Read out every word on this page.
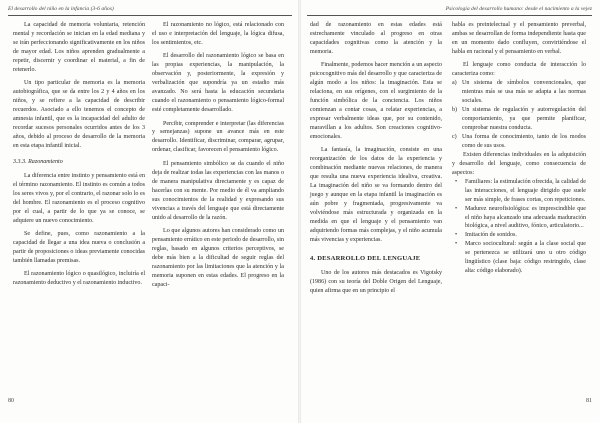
El desarrollo del niño en la infancia (3-6 años)

La capacidad de memoria voluntaria, retención mental y recordación se inician en la edad mediana y se irán perfeccionando significativamente en los niños de mayor edad. Los niños aprenden gradualmente a repetir, discernir y coordinar el material, a fin de retenerlo.

Un tipo particular de memoria es la memoria autobiográfica, que se da entre los 2 y 4 años en los niños, y se refiere a la capacidad de describir recuerdos. Asociado a ello tenemos el concepto de amnesia infantil, que es la incapacidad del adulto de recordar sucesos personales ocurridos antes de los 3 años, debido al proceso de desarrollo de la memoria en esta etapa infantil inicial.

3.3.3. Razonamiento

La diferencia entre instinto y pensamiento está en el término razonamiento. El instinto es común a todos los seres vivos y, por el contrario, el razonar solo lo es del hombre. El razonamiento es el proceso cognitivo por el cual, a partir de lo que ya se conoce, se adquiere un nuevo conocimiento.

Se define, pues, como razonamiento a la capacidad de llegar a una idea nueva o conclusión a partir de proposiciones o ideas previamente conocidas también llamadas premisas.

El razonamiento lógico o quasilógico, incluiría el razonamiento deductivo y el razonamiento inductivo.

El razonamiento no lógico, está relacionado con el uso e interpretación del lenguaje, la lógica difusa, los sentimientos, etc.

El desarrollo del razonamiento lógico se basa en las propias experiencias, la manipulación, la observación y, posteriormente, la expresión y verbalización que supondría ya un estadio más avanzado. No será hasta la educación secundaria cuando el razonamiento o pensamiento lógico-formal esté completamente desarrollado.

Percibir, comprender e interpretar (las diferencias y semejanzas) supone un avance más en este desarrollo. Identificar, discriminar, comparar, agrupar, ordenar, clasificar, favorecen el pensamiento lógico.

El pensamiento simbólico se da cuando el niño deja de realizar todas las experiencias con las manos o de manera manipulativa directamente y es capaz de hacerlas con su mente. Por medio de él va ampliando sus conocimientos de la realidad y expresando sus vivencias a través del lenguaje que está directamente unido al desarrollo de la razón.

Lo que algunos autores han considerado como un pensamiento errático en este periodo de desarrollo, sin reglas, basado en algunos criterios perceptivos, se debe más bien a la dificultad de seguir reglas del razonamiento por las limitaciones que la atención y la memoria suponen en estas edades. El progreso en la capaci-

80
Psicología del desarrollo humano: desde el nacimiento a la vejez

dad de razonamiento en estas edades está estrechamente vinculado al progreso en otras capacidades cognitivas como la atención y la memoria.

Finalmente, podemos hacer mención a un aspecto psicocognitivo más del desarrollo y que caracteriza de algún modo a los niños: la imaginación. Esta se relaciona, en sus orígenes, con el surgimiento de la función simbólica de la conciencia. Los niños comienzan a contar cosas, a relatar experiencias, a expresar verbalmente ideas que, por su contenido, maravillan a los adultos. Son creaciones cognitivo-emocionales.

La fantasía, la imaginación, consiste en una reorganización de los datos de la experiencia y combinación mediante nuevas relaciones, de manera que resulta una nueva experiencia idealiva, creativa. La imaginación del niño se va formando dentro del juego y aunque en la etapa infantil la imaginación es aún pobre y fragmentada, progresivamente va volviéndose más estructurada y organizada en la medida en que el lenguaje y el pensamiento van adquiriendo formas más complejas, y el niño acumula más vivencias y experiencias.

4. DESARROLLO DEL LENGUAJE

Uno de los autores más destacados es Vigotsky (1986) con su teoría del Doble Origen del Lenguaje, quien afirma que en un principio el

habla es preintelectual y el pensamiento preverbal, ambas se desarrollan de forma independiente hasta que en un momento dado confluyen, convirtiéndose el habla en racional y el pensamiento en verbal.

El lenguaje como conducta de interacción lo caracteriza como:

a) Un sistema de símbolos convencionales, que mientras más se usa más se adapta a las normas sociales.
b) Un sistema de regulación y autorregulación del comportamiento, ya que permite planificar, comprobar nuestra conducta.
c) Una forma de conocimiento, tanto de los modos como de sus usos.

Existen diferencias individuales en la adquisición y desarrollo del lenguaje, como consecuencia de aspectos:

• Familiares: la estimulación ofrecida, la calidad de las interacciones, el lenguaje dirigido que suele ser más simple, de frases cortas, con repeticiones.
• Madurez neurofisiológica: es imprescindible que el niño haya alcanzado una adecuada maduración biológica, a nivel auditivo, fónico, articulatorio...
• Imitación de sonidos.
• Marco sociocultural: según a la clase social que se pertenezca se utilizará uno u otro código lingüístico (clase baja: código restringido, clase alta: código elaborado).
81
